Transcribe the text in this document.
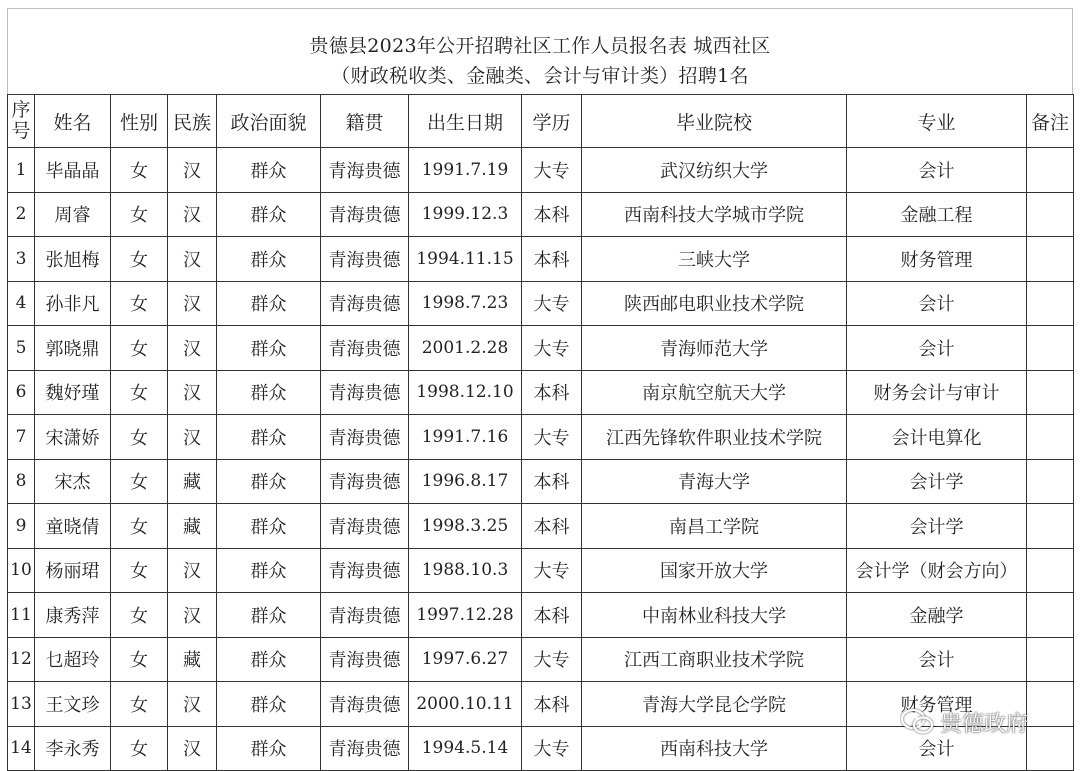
贵德县2023年公开招聘社区工作人员报名表 城西社区
（财政税收类、金融类、会计与审计类）招聘1名
序
号	姓名	性别	民族	政治面貌	籍贯	出生日期	学历	毕业院校	专业	备注
1	毕晶晶	女	汉	群众	青海贵德	1991.7.19	大专	武汉纺织大学	会计	
2	周睿	女	汉	群众	青海贵德	1999.12.3	本科	西南科技大学城市学院	金融工程	
3	张旭梅	女	汉	群众	青海贵德	1994.11.15	本科	三峡大学	财务管理	
4	孙非凡	女	汉	群众	青海贵德	1998.7.23	大专	陕西邮电职业技术学院	会计	
5	郭晓鼎	女	汉	群众	青海贵德	2001.2.28	大专	青海师范大学	会计	
6	魏妤瑾	女	汉	群众	青海贵德	1998.12.10	本科	南京航空航天大学	财务会计与审计	
7	宋潇娇	女	汉	群众	青海贵德	1991.7.16	大专	江西先锋软件职业技术学院	会计电算化	
8	宋杰	女	藏	群众	青海贵德	1996.8.17	本科	青海大学	会计学	
9	童晓倩	女	藏	群众	青海贵德	1998.3.25	本科	南昌工学院	会计学	
10	杨丽珺	女	汉	群众	青海贵德	1988.10.3	大专	国家开放大学	会计学（财会方向）	
11	康秀萍	女	汉	群众	青海贵德	1997.12.28	本科	中南林业科技大学	金融学	
12	乜超玲	女	藏	群众	青海贵德	1997.6.27	大专	江西工商职业技术学院	会计	
13	王文珍	女	汉	群众	青海贵德	2000.10.11	本科	青海大学昆仑学院	财务管理	
14	李永秀	女	汉	群众	青海贵德	1994.5.14	大专	西南科技大学	会计	
贵德政府
